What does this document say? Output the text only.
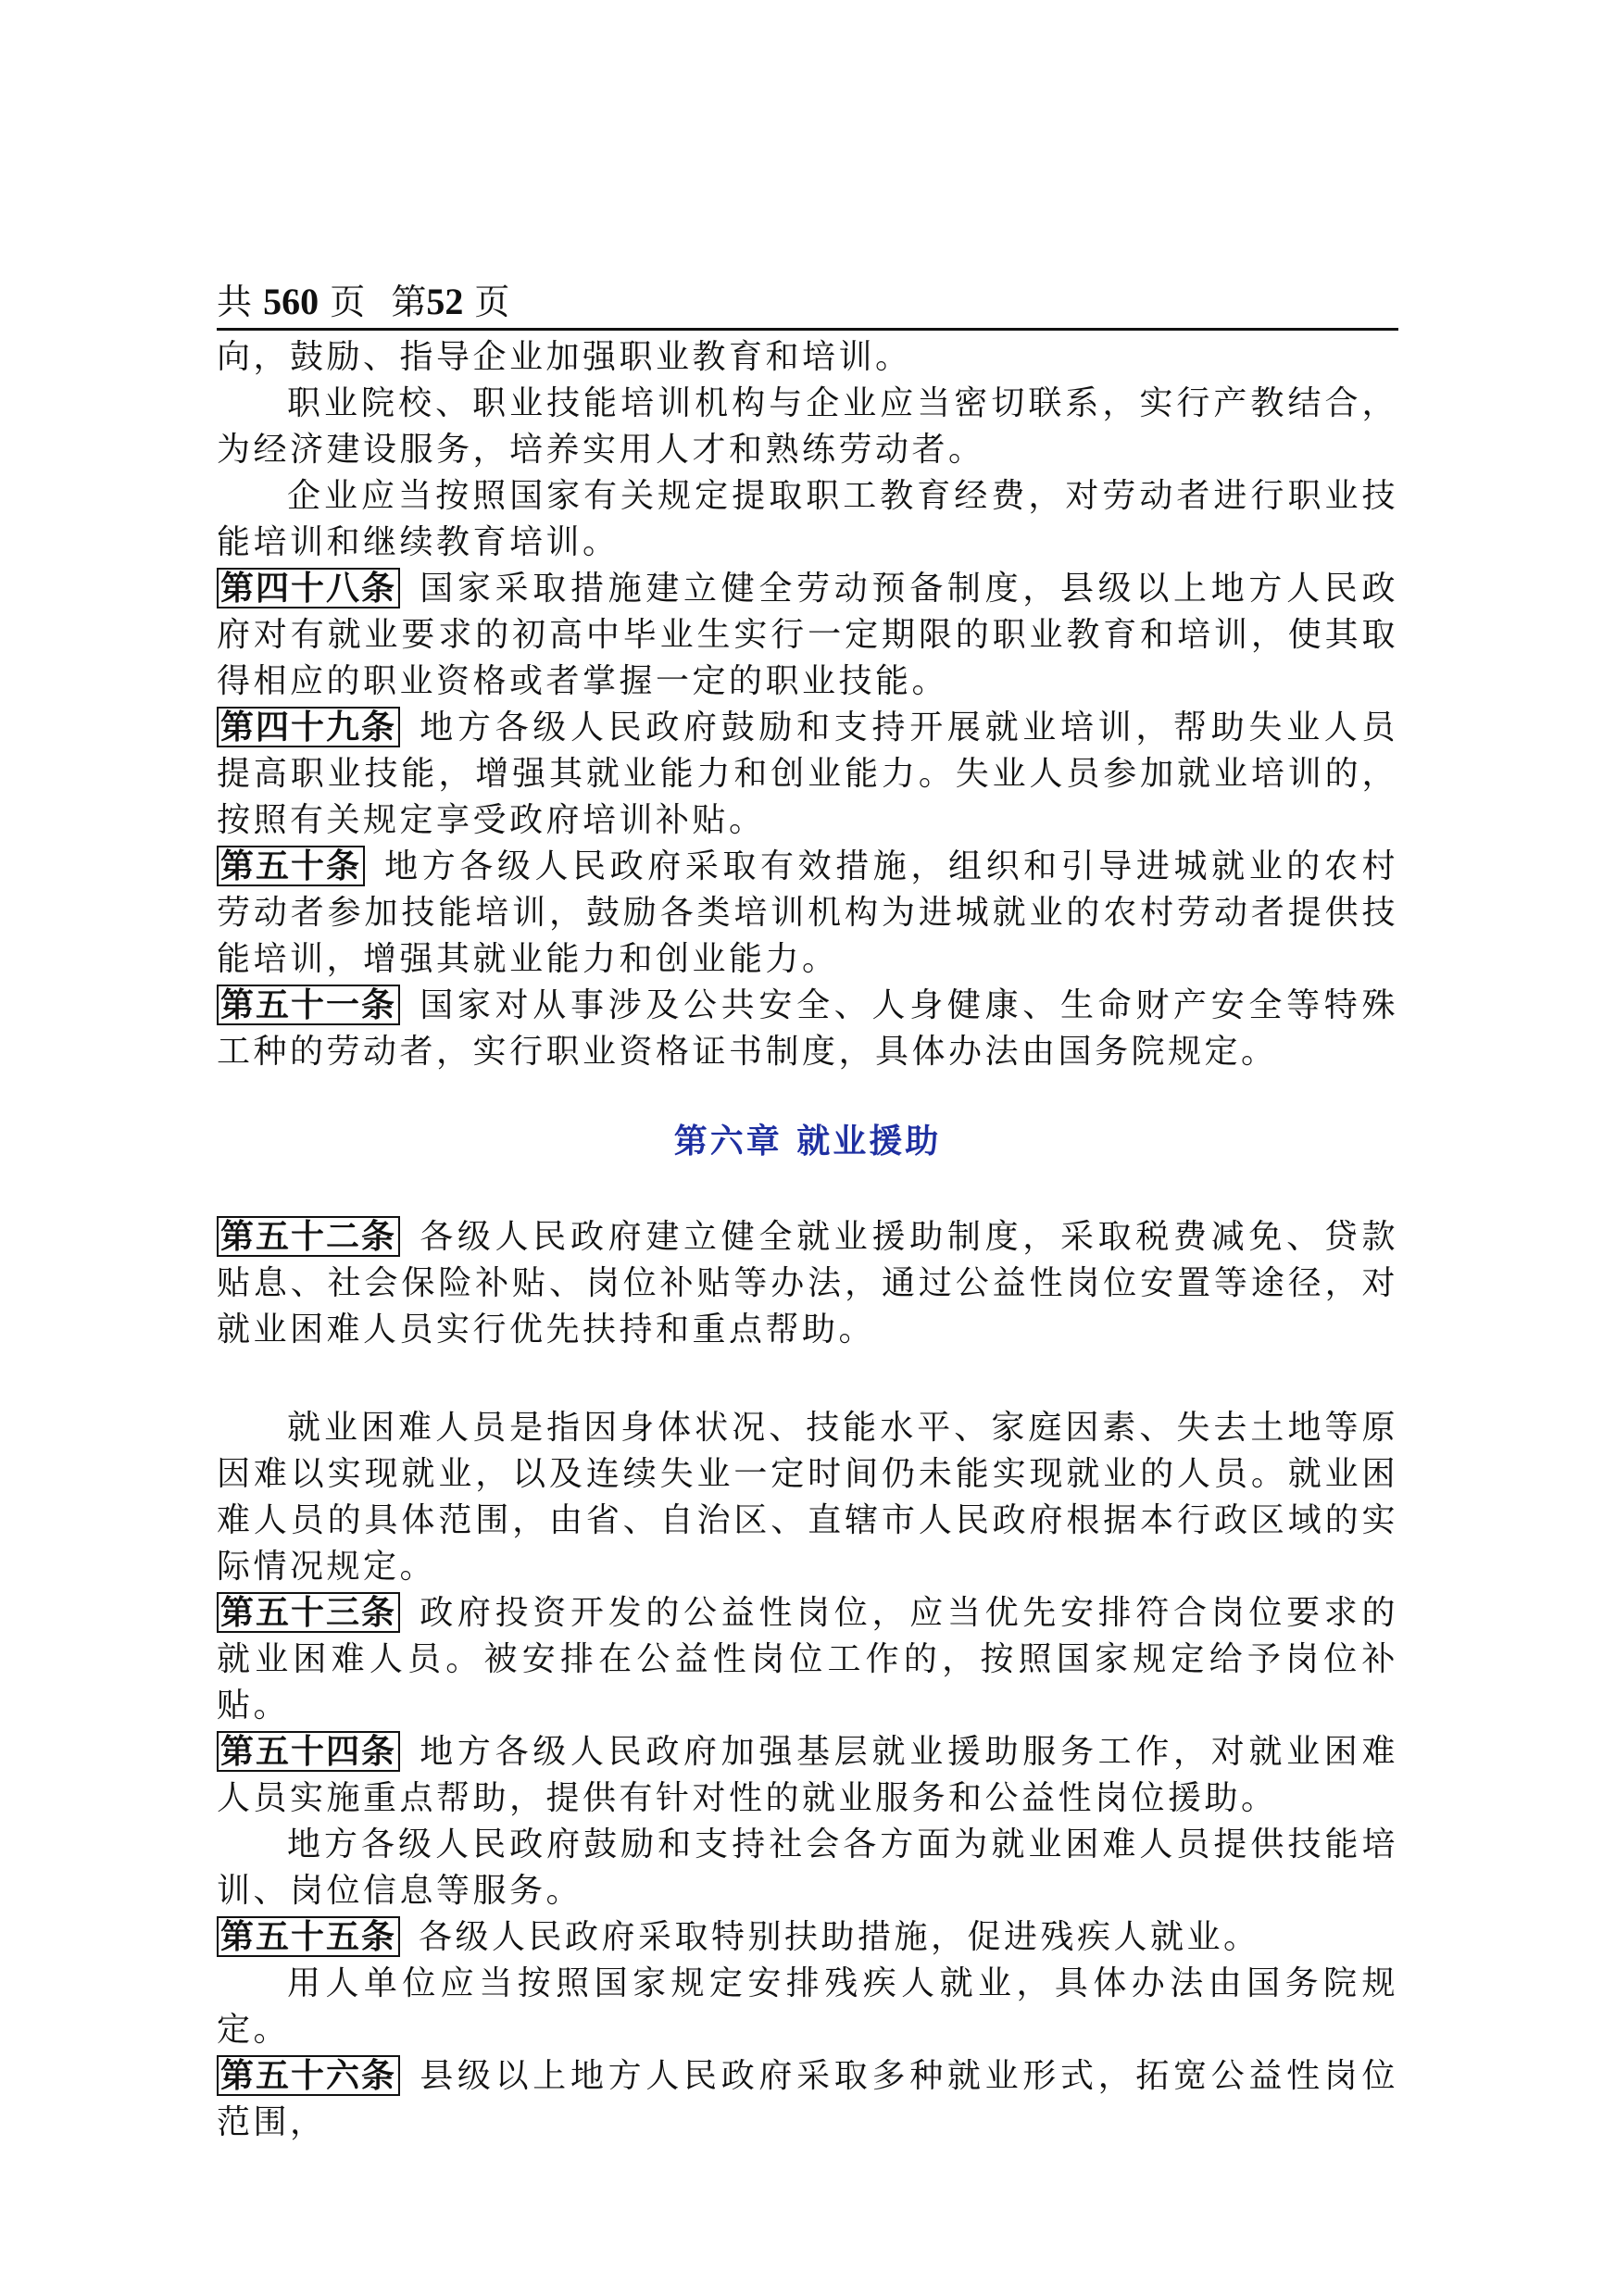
共 560 页 第52 页

向，鼓励、指导企业加强职业教育和培训。

职业院校、职业技能培训机构与企业应当密切联系，实行产教结合，为经济建设服务，培养实用人才和熟练劳动者。

企业应当按照国家有关规定提取职工教育经费，对劳动者进行职业技能培训和继续教育培训。

第四十八条 国家采取措施建立健全劳动预备制度，县级以上地方人民政府对有就业要求的初高中毕业生实行一定期限的职业教育和培训，使其取得相应的职业资格或者掌握一定的职业技能。

第四十九条 地方各级人民政府鼓励和支持开展就业培训，帮助失业人员提高职业技能，增强其就业能力和创业能力。失业人员参加就业培训的，按照有关规定享受政府培训补贴。

第五十条 地方各级人民政府采取有效措施，组织和引导进城就业的农村劳动者参加技能培训，鼓励各类培训机构为进城就业的农村劳动者提供技能培训，增强其就业能力和创业能力。

第五十一条 国家对从事涉及公共安全、人身健康、生命财产安全等特殊工种的劳动者，实行职业资格证书制度，具体办法由国务院规定。

第六章 就业援助

第五十二条 各级人民政府建立健全就业援助制度，采取税费减免、贷款贴息、社会保险补贴、岗位补贴等办法，通过公益性岗位安置等途径，对就业困难人员实行优先扶持和重点帮助。

就业困难人员是指因身体状况、技能水平、家庭因素、失去土地等原因难以实现就业，以及连续失业一定时间仍未能实现就业的人员。就业困难人员的具体范围，由省、自治区、直辖市人民政府根据本行政区域的实际情况规定。

第五十三条 政府投资开发的公益性岗位，应当优先安排符合岗位要求的就业困难人员。被安排在公益性岗位工作的，按照国家规定给予岗位补贴。

第五十四条 地方各级人民政府加强基层就业援助服务工作，对就业困难人员实施重点帮助，提供有针对性的就业服务和公益性岗位援助。

地方各级人民政府鼓励和支持社会各方面为就业困难人员提供技能培训、岗位信息等服务。

第五十五条 各级人民政府采取特别扶助措施，促进残疾人就业。

用人单位应当按照国家规定安排残疾人就业，具体办法由国务院规定。

第五十六条 县级以上地方人民政府采取多种就业形式，拓宽公益性岗位范围，
